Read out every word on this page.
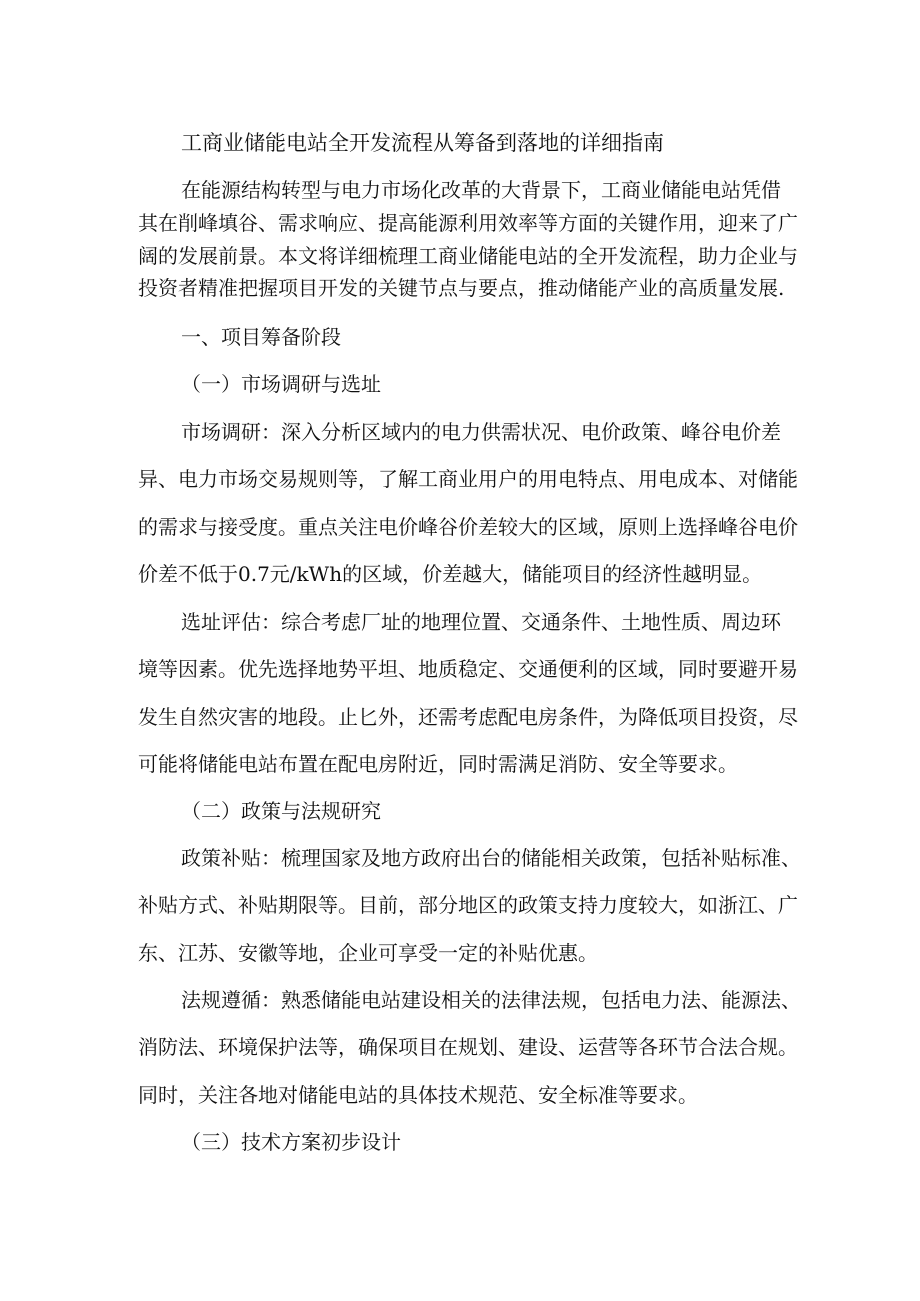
工商业储能电站全开发流程从筹备到落地的详细指南
在能源结构转型与电力市场化改革的大背景下，工商业储能电站凭借
其在削峰填谷、需求响应、提高能源利用效率等方面的关键作用，迎来了广
阔的发展前景。本文将详细梳理工商业储能电站的全开发流程，助力企业与
投资者精准把握项目开发的关键节点与要点，推动储能产业的高质量发展.
一、项目筹备阶段
（一）市场调研与选址
市场调研：深入分析区域内的电力供需状况、电价政策、峰谷电价差
异、电力市场交易规则等，了解工商业用户的用电特点、用电成本、对储能
的需求与接受度。重点关注电价峰谷价差较大的区域，原则上选择峰谷电价
价差不低于0.7元/kWh的区域，价差越大，储能项目的经济性越明显。
选址评估：综合考虑厂址的地理位置、交通条件、土地性质、周边环
境等因素。优先选择地势平坦、地质稳定、交通便利的区域，同时要避开易
发生自然灾害的地段。止匕外，还需考虑配电房条件，为降低项目投资，尽
可能将储能电站布置在配电房附近，同时需满足消防、安全等要求。
（二）政策与法规研究
政策补贴：梳理国家及地方政府出台的储能相关政策，包括补贴标准、
补贴方式、补贴期限等。目前，部分地区的政策支持力度较大，如浙江、广
东、江苏、安徽等地，企业可享受一定的补贴优惠。
法规遵循：熟悉储能电站建设相关的法律法规，包括电力法、能源法、
消防法、环境保护法等，确保项目在规划、建设、运营等各环节合法合规。
同时，关注各地对储能电站的具体技术规范、安全标准等要求。
（三）技术方案初步设计
